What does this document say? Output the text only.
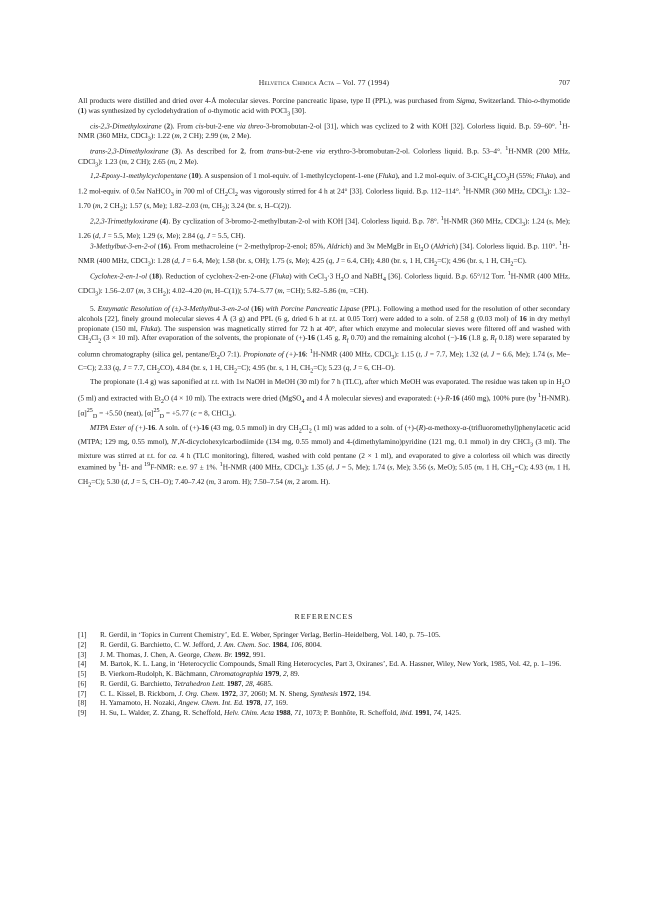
Helvetica Chimica Acta – Vol. 77 (1994)	707

All products were distilled and dried over 4-Å molecular sieves. Porcine pancreatic lipase, type II (PPL), was purchased from Sigma, Switzerland. Thio-o-thymotide (1) was synthesized by cyclodehydration of o-thymotic acid with POCl$_3$ [30].

cis-2,3-Dimethyloxirane (2). From cis-but-2-ene via threo-3-bromobutan-2-ol [31], which was cyclized to 2 with KOH [32]. Colorless liquid. B.p. 59–60°. $^1$H-NMR (360 MHz, CDCl$_3$): 1.22 (m, 2 CH); 2.99 (m, 2 Me).

trans-2,3-Dimethyloxirane (3). As described for 2, from trans-but-2-ene via erythro-3-bromobutan-2-ol. Colorless liquid. B.p. 53–4°. $^1$H-NMR (200 MHz, CDCl$_3$): 1.23 (m, 2 CH); 2.65 (m, 2 Me).

1,2-Epoxy-1-methylcyclopentane (10). A suspension of 1 mol-equiv. of 1-methylcyclopent-1-ene (Fluka), and 1.2 mol-equiv. of $3-ClC_6H_4CO_3H$ (55%; Fluka), and 1.2 mol-equiv. of 0.5m NaHCO$_3$ in 700 ml of $CH_2Cl_2$ was vigorously stirred for 4 h at 24° [33]. Colorless liquid. B.p. 112–114°. $^1$H-NMR (360 MHz, CDCl$_3$): 1.32–1.70 (m, 2 $CH_2$); 1.57 (s, Me); 1.82–2.03 (m, $CH_2$); 3.24 (br. s, H–C(2)).

2,2,3-Trimethyloxirane (4). By cyclization of 3-bromo-2-methylbutan-2-ol with KOH [34]. Colorless liquid. B.p. 78°. $^1$H-NMR (360 MHz, CDCl$_3$): 1.24 (s, Me); 1.26 (d, J = 5.5, Me); 1.29 (s, Me); 2.84 (q, J = 5.5, CH).

3-Methylbut-3-en-2-ol (16). From methacroleine (= 2-methylprop-2-enol; 85%, Aldrich) and 3m MeMgBr in $Et_2O$ (Aldrich) [34]. Colorless liquid. B.p. 110°. $^1$H-NMR (400 MHz, CDCl$_3$): 1.28 (d, J = 6.4, Me); 1.58 (br. s, OH); 1.75 (s, Me); 4.25 (q, J = 6.4, CH); 4.80 (br. s, 1 H, $CH_2=C$); 4.96 (br. s, 1 H, $CH_2=C$).

Cyclohex-2-en-1-ol (18). Reduction of cyclohex-2-en-2-one (Fluka) with CeCl$_3$·3 $H_2O$ and NaBH$_4$ [36]. Colorless liquid. B.p. 65°/12 Torr. $^1$H-NMR (400 MHz, CDCl$_3$): 1.56–2.07 (m, 3 $CH_2$); 4.02–4.20 (m, H–C(1)); 5.74–5.77 (m, =CH); 5.82–5.86 (m, =CH).

5. Enzymatic Resolution of (±)-3-Methylbut-3-en-2-ol (16) with Porcine Pancreatic Lipase (PPL). Following a method used for the resolution of other secondary alcohols [22], finely ground molecular sieves 4 Å (3 g) and PPL (6 g, dried 6 h at r.t. at 0.05 Torr) were added to a soln. of 2.58 g (0.03 mol) of 16 in dry methyl propionate (150 ml, Fluka). The suspension was magnetically stirred for 72 h at 40°, after which enzyme and molecular sieves were filtered off and washed with $CH_2Cl_2$ (3 × 10 ml). After evaporation of the solvents, the propionate of (+)-16 (1.45 g, $R_f$ 0.70) and the remaining alcohol (−)-16 (1.8 g, $R_f$ 0.18) were separated by column chromatography (silica gel, pentane/$Et_2O$ 7:1). Propionate of (+)-16: $^1$H-NMR (400 MHz, CDCl$_3$): 1.15 (t, J = 7.7, Me); 1.32 (d, J = 6.6, Me); 1.74 (s, Me–C=C); 2.33 (q, J = 7.7, $CH_2CO$), 4.84 (br. s, 1 H, $CH_2=C$); 4.95 (br. s, 1 H, $CH_2=C$); 5.23 (q, J = 6, CH–O).

The propionate (1.4 g) was saponified at r.t. with 1m NaOH in MeOH (30 ml) for 7 h (TLC), after which MeOH was evaporated. The residue was taken up in $H_2O$ (5 ml) and extracted with $Et_2O$ (4 × 10 ml). The extracts were dried (MgSO$_4$ and 4 Å molecular sieves) and evaporated: (+)-R-16 (460 mg), 100% pure (by $^1$H-NMR). $[\alpha]^{25}_D = +5.50$ (neat), $[\alpha]^{25}_D = +5.77$ (c = 8, CHCl$_3$).

MTPA Ester of (+)-16. A soln. of (+)-16 (43 mg, 0.5 mmol) in dry $CH_2Cl_2$ (1 ml) was added to a soln. of (+)-(R)-α-methoxy-α-(trifluoromethyl)phenylacetic acid (MTPA; 129 mg, 0.55 mmol), N′,N-dicyclohexylcarbodiimide (134 mg, 0.55 mmol) and 4-(dimethylamino)pyridine (121 mg, 0.1 mmol) in dry CHCl$_3$ (3 ml). The mixture was stirred at r.t. for ca. 4 h (TLC monitoring), filtered, washed with cold pentane (2 × 1 ml), and evaporated to give a colorless oil which was directly examined by $^1$H- and $^{19}$F-NMR: e.e. 97 ± 1%. $^1$H-NMR (400 MHz, CDCl$_3$): 1.35 (d, J = 5, Me); 1.74 (s, Me); 3.56 (s, MeO); 5.05 (m, 1 H, $CH_2=C$); 4.93 (m, 1 H, $CH_2=C$); 5.30 (d, J = 5, CH–O); 7.40–7.42 (m, 3 arom. H); 7.50–7.54 (m, 2 arom. H).

REFERENCES
[1] R. Gerdil, in ‘Topics in Current Chemistry’, Ed. E. Weber, Springer Verlag, Berlin–Heidelberg, Vol. 140, p. 75–105.
[2] R. Gerdil, G. Barchietto, C. W. Jefford, J. Am. Chem. Soc. 1984, 106, 8004.
[3] J. M. Thomas, J. Chen, A. George, Chem. Br. 1992, 991.
[4] M. Bartok, K. L. Lang, in ‘Heterocyclic Compounds, Small Ring Heterocycles, Part 3, Oxiranes’, Ed. A. Hassner, Wiley, New York, 1985, Vol. 42, p. 1–196.
[5] B. Vierkorn-Rudolph, K. Bächmann, Chromatographia 1979, 2, 89.
[6] R. Gerdil, G. Barchietto, Tetrahedron Lett. 1987, 28, 4685.
[7] C. L. Kissel, B. Rickborn, J. Org. Chem. 1972, 37, 2060; M. N. Sheng, Synthesis 1972, 194.
[8] H. Yamamoto, H. Nozaki, Angew. Chem. Int. Ed. 1978, 17, 169.
[9] H. Su, L. Walder, Z. Zhang, R. Scheffold, Helv. Chim. Acta 1988, 71, 1073; P. Bonhôte, R. Scheffold, ibid. 1991, 74, 1425.
